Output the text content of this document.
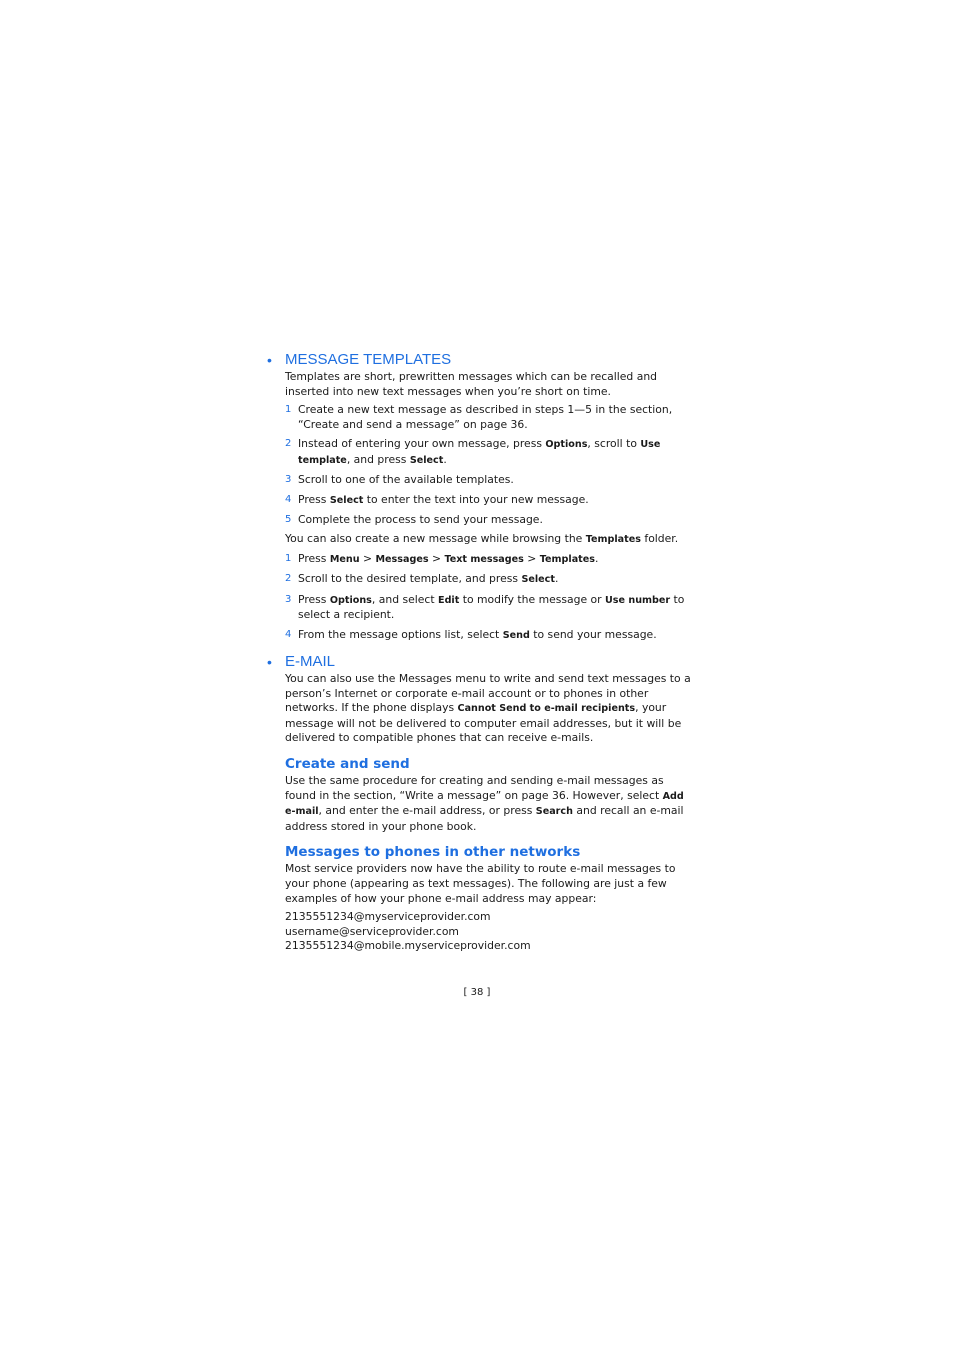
• MESSAGE TEMPLATES

Templates are short, prewritten messages which can be recalled and inserted into new text messages when you’re short on time.

1 Create a new text message as described in steps 1—5 in the section, “Create and send a message” on page 36.
2 Instead of entering your own message, press Options, scroll to Use template, and press Select.
3 Scroll to one of the available templates.
4 Press Select to enter the text into your new message.
5 Complete the process to send your message.

You can also create a new message while browsing the Templates folder.

1 Press Menu > Messages > Text messages > Templates.
2 Scroll to the desired template, and press Select.
3 Press Options, and select Edit to modify the message or Use number to select a recipient.
4 From the message options list, select Send to send your message.
• E-MAIL

You can also use the Messages menu to write and send text messages to a person’s Internet or corporate e-mail account or to phones in other networks. If the phone displays Cannot Send to e-mail recipients, your message will not be delivered to computer email addresses, but it will be delivered to compatible phones that can receive e-mails.

Create and send

Use the same procedure for creating and sending e-mail messages as found in the section, “Write a message” on page 36. However, select Add e-mail, and enter the e-mail address, or press Search and recall an e-mail address stored in your phone book.

Messages to phones in other networks

Most service providers now have the ability to route e-mail messages to your phone (appearing as text messages). The following are just a few examples of how your phone e-mail address may appear:

2135551234@myserviceprovider.com

username@serviceprovider.com

2135551234@mobile.myserviceprovider.com

[ 38 ]
